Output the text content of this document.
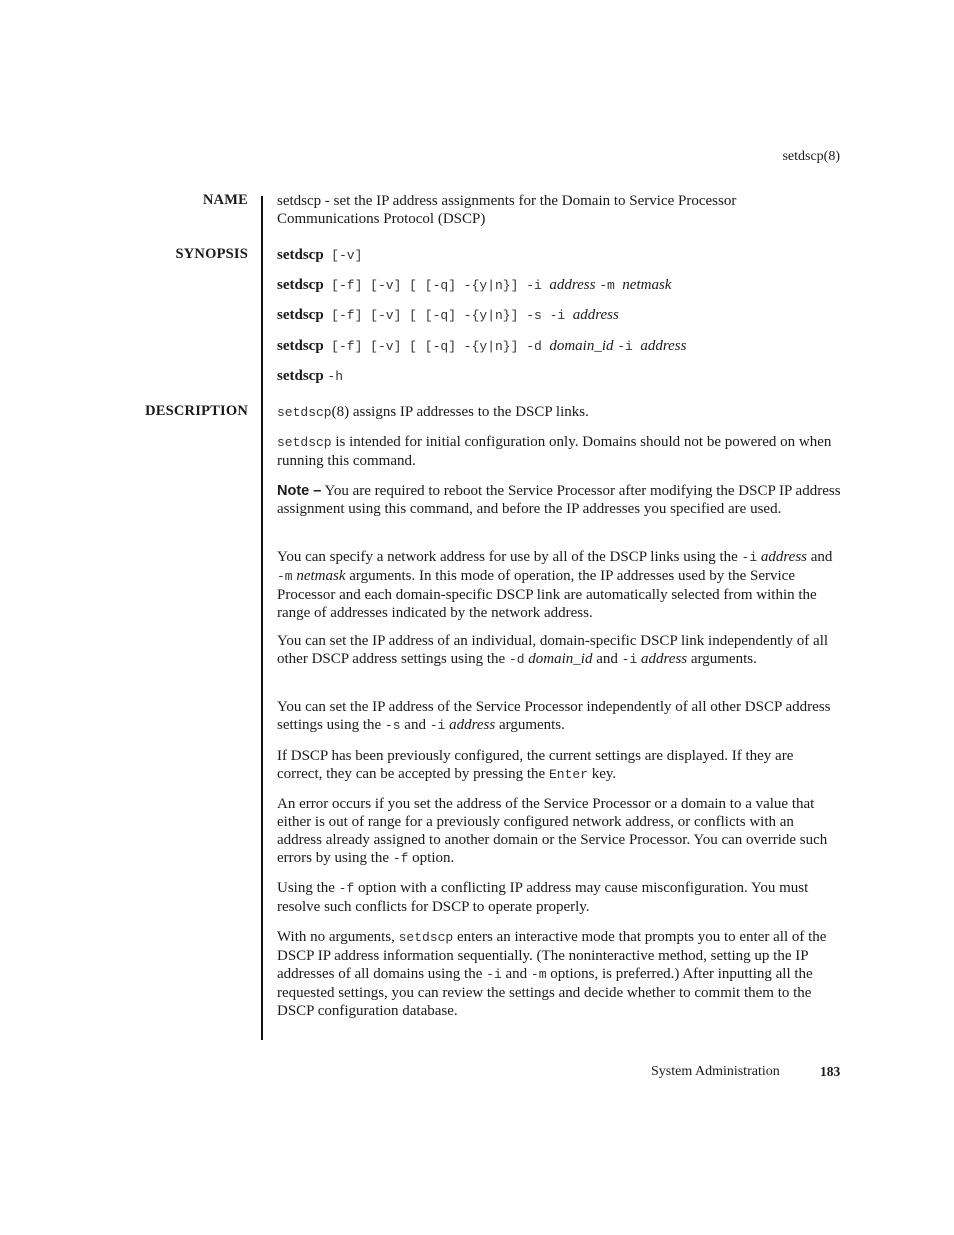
setdscp(8)
NAME setdscp - set the IP address assignments for the Domain to Service Processor Communications Protocol (DSCP)
SYNOPSIS setdscp [-v]
setdscp [-f] [-v] [ [-q] -{y|n}] -i address -m netmask
setdscp [-f] [-v] [ [-q] -{y|n}] -s -i address
setdscp [-f] [-v] [ [-q] -{y|n}] -d domain_id -i address
setdscp -h
DESCRIPTION setdscp(8) assigns IP addresses to the DSCP links.

setdscp is intended for initial configuration only. Domains should not be powered on when running this command.

Note – You are required to reboot the Service Processor after modifying the DSCP IP address assignment using this command, and before the IP addresses you specified are used.

You can specify a network address for use by all of the DSCP links using the -i address and -m netmask arguments. In this mode of operation, the IP addresses used by the Service Processor and each domain-specific DSCP link are automatically selected from within the range of addresses indicated by the network address.

You can set the IP address of an individual, domain-specific DSCP link independently of all other DSCP address settings using the -d domain_id and -i address arguments.

You can set the IP address of the Service Processor independently of all other DSCP address settings using the -s and -i address arguments.

If DSCP has been previously configured, the current settings are displayed. If they are correct, they can be accepted by pressing the Enter key.

An error occurs if you set the address of the Service Processor or a domain to a value that either is out of range for a previously configured network address, or conflicts with an address already assigned to another domain or the Service Processor. You can override such errors by using the -f option.

Using the -f option with a conflicting IP address may cause misconfiguration. You must resolve such conflicts for DSCP to operate properly.

With no arguments, setdscp enters an interactive mode that prompts you to enter all of the DSCP IP address information sequentially. (The noninteractive method, setting up the IP addresses of all domains using the -i and -m options, is preferred.) After inputting all the requested settings, you can review the settings and decide whether to commit them to the DSCP configuration database.

System Administration	183
